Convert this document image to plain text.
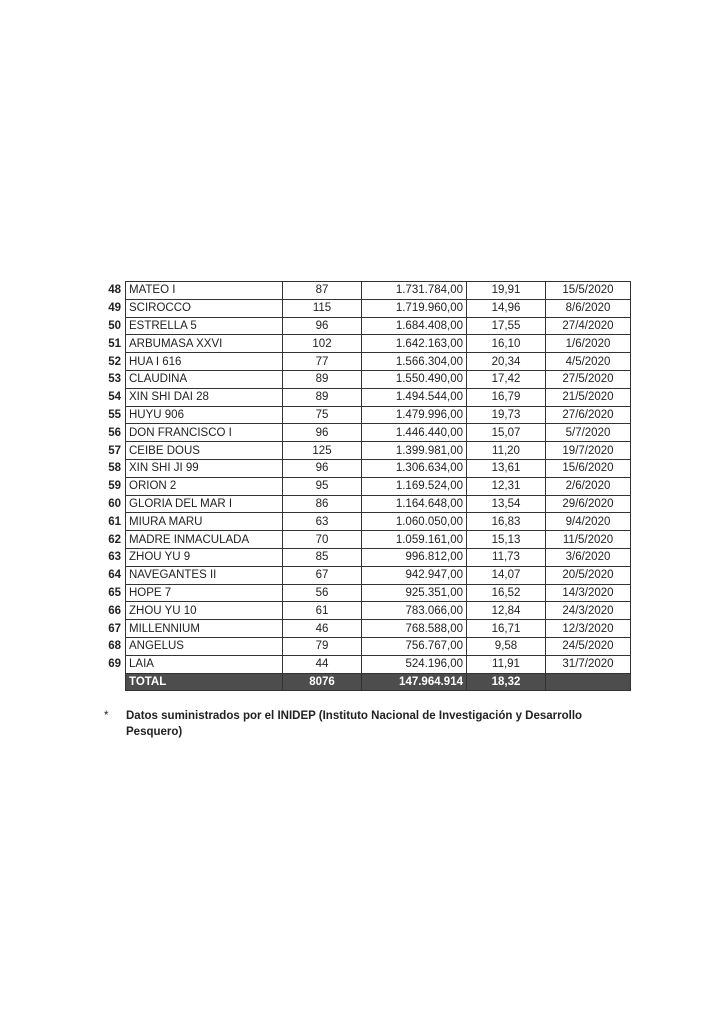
48	MATEO I	87	1.731.784,00	19,91	15/5/2020
49	SCIROCCO	115	1.719.960,00	14,96	8/6/2020
50	ESTRELLA 5	96	1.684.408,00	17,55	27/4/2020
51	ARBUMASA XXVI	102	1.642.163,00	16,10	1/6/2020
52	HUA I 616	77	1.566.304,00	20,34	4/5/2020
53	CLAUDINA	89	1.550.490,00	17,42	27/5/2020
54	XIN SHI DAI 28	89	1.494.544,00	16,79	21/5/2020
55	HUYU 906	75	1.479.996,00	19,73	27/6/2020
56	DON FRANCISCO I	96	1.446.440,00	15,07	5/7/2020
57	CEIBE DOUS	125	1.399.981,00	11,20	19/7/2020
58	XIN SHI JI 99	96	1.306.634,00	13,61	15/6/2020
59	ORION 2	95	1.169.524,00	12,31	2/6/2020
60	GLORIA DEL MAR I	86	1.164.648,00	13,54	29/6/2020
61	MIURA MARU	63	1.060.050,00	16,83	9/4/2020
62	MADRE INMACULADA	70	1.059.161,00	15,13	11/5/2020
63	ZHOU YU 9	85	996.812,00	11,73	3/6/2020
64	NAVEGANTES II	67	942.947,00	14,07	20/5/2020
65	HOPE 7	56	925.351,00	16,52	14/3/2020
66	ZHOU YU 10	61	783.066,00	12,84	24/3/2020
67	MILLENNIUM	46	768.588,00	16,71	12/3/2020
68	ANGELUS	79	756.767,00	9,58	24/5/2020
69	LAIA	44	524.196,00	11,91	31/7/2020
	TOTAL	8076	147.964.914	18,32	
* Datos suministrados por el INIDEP (Instituto Nacional de Investigación y Desarrollo Pesquero)
